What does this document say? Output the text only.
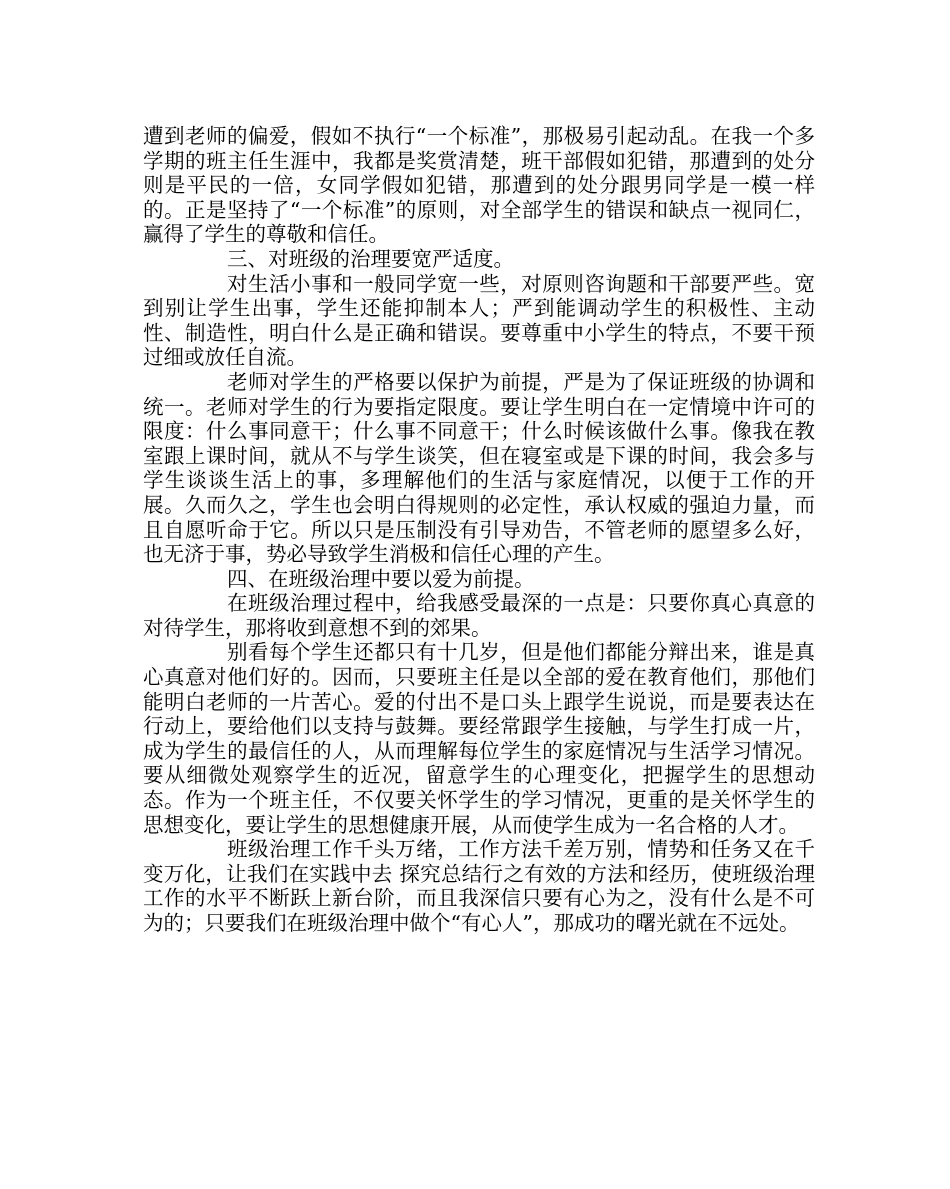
遭到老师的偏爱，假如不执行“一个标准”，那极易引起动乱。在我一个多学期的班主任生涯中，我都是奖赏清楚，班干部假如犯错，那遭到的处分则是平民的一倍，女同学假如犯错，那遭到的处分跟男同学是一模一样的。正是坚持了“一个标准”的原则，对全部学生的错误和缺点一视同仁，赢得了学生的尊敬和信任。

三、对班级的治理要宽严适度。

对生活小事和一般同学宽一些，对原则咨询题和干部要严些。宽到别让学生出事，学生还能抑制本人；严到能调动学生的积极性、主动性、制造性，明白什么是正确和错误。要尊重中小学生的特点，不要干预过细或放任自流。

老师对学生的严格要以保护为前提，严是为了保证班级的协调和统一。老师对学生的行为要指定限度。要让学生明白在一定情境中许可的限度：什么事同意干；什么事不同意干；什么时候该做什么事。像我在教室跟上课时间，就从不与学生谈笑，但在寝室或是下课的时间，我会多与学生谈谈生活上的事，多理解他们的生活与家庭情况，以便于工作的开展。久而久之，学生也会明白得规则的必定性，承认权威的强迫力量，而且自愿听命于它。所以只是压制没有引导劝告，不管老师的愿望多么好，也无济于事，势必导致学生消极和信任心理的产生。

四、在班级治理中要以爱为前提。

在班级治理过程中，给我感受最深的一点是：只要你真心真意的对待学生，那将收到意想不到的郊果。

别看每个学生还都只有十几岁，但是他们都能分辩出来，谁是真心真意对他们好的。因而，只要班主任是以全部的爱在教育他们，那他们能明白老师的一片苦心。爱的付出不是口头上跟学生说说，而是要表达在行动上，要给他们以支持与鼓舞。要经常跟学生接触，与学生打成一片，成为学生的最信任的人，从而理解每位学生的家庭情况与生活学习情况。要从细微处观察学生的近况，留意学生的心理变化，把握学生的思想动态。作为一个班主任，不仅要关怀学生的学习情况，更重的是关怀学生的思想变化，要让学生的思想健康开展，从而使学生成为一名合格的人才。

班级治理工作千头万绪，工作方法千差万别，情势和任务又在千变万化，让我们在实践中去 探究总结行之有效的方法和经历，使班级治理工作的水平不断跃上新台阶，而且我深信只要有心为之，没有什么是不可为的；只要我们在班级治理中做个“有心人”，那成功的曙光就在不远处。
